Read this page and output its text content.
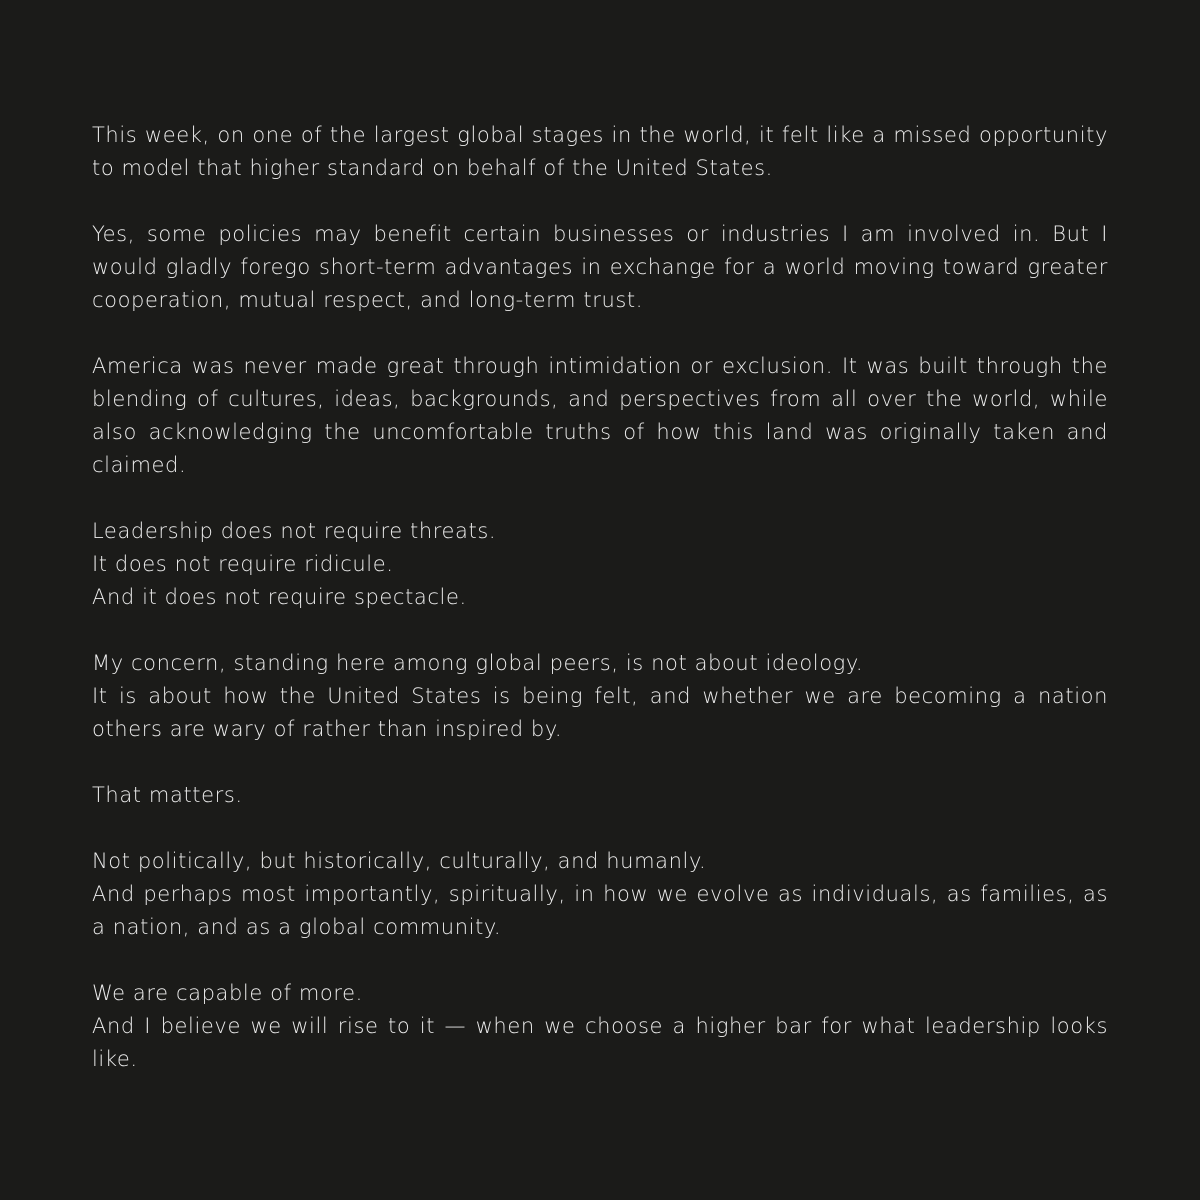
This week, on one of the largest global stages in the world, it felt like a missed opportunity to model that higher standard on behalf of the United States.

Yes, some policies may benefit certain businesses or industries I am involved in. But I would gladly forego short-term advantages in exchange for a world moving toward greater cooperation, mutual respect, and long-term trust.

America was never made great through intimidation or exclusion. It was built through the blending of cultures, ideas, backgrounds, and perspectives from all over the world, while also acknowledging the uncomfortable truths of how this land was originally taken and claimed.

Leadership does not require threats.
It does not require ridicule.
And it does not require spectacle.

My concern, standing here among global peers, is not about ideology.
It is about how the United States is being felt, and whether we are becoming a nation others are wary of rather than inspired by.

That matters.

Not politically, but historically, culturally, and humanly.
And perhaps most importantly, spiritually, in how we evolve as individuals, as families, as a nation, and as a global community.

We are capable of more.
And I believe we will rise to it — when we choose a higher bar for what leadership looks like.
